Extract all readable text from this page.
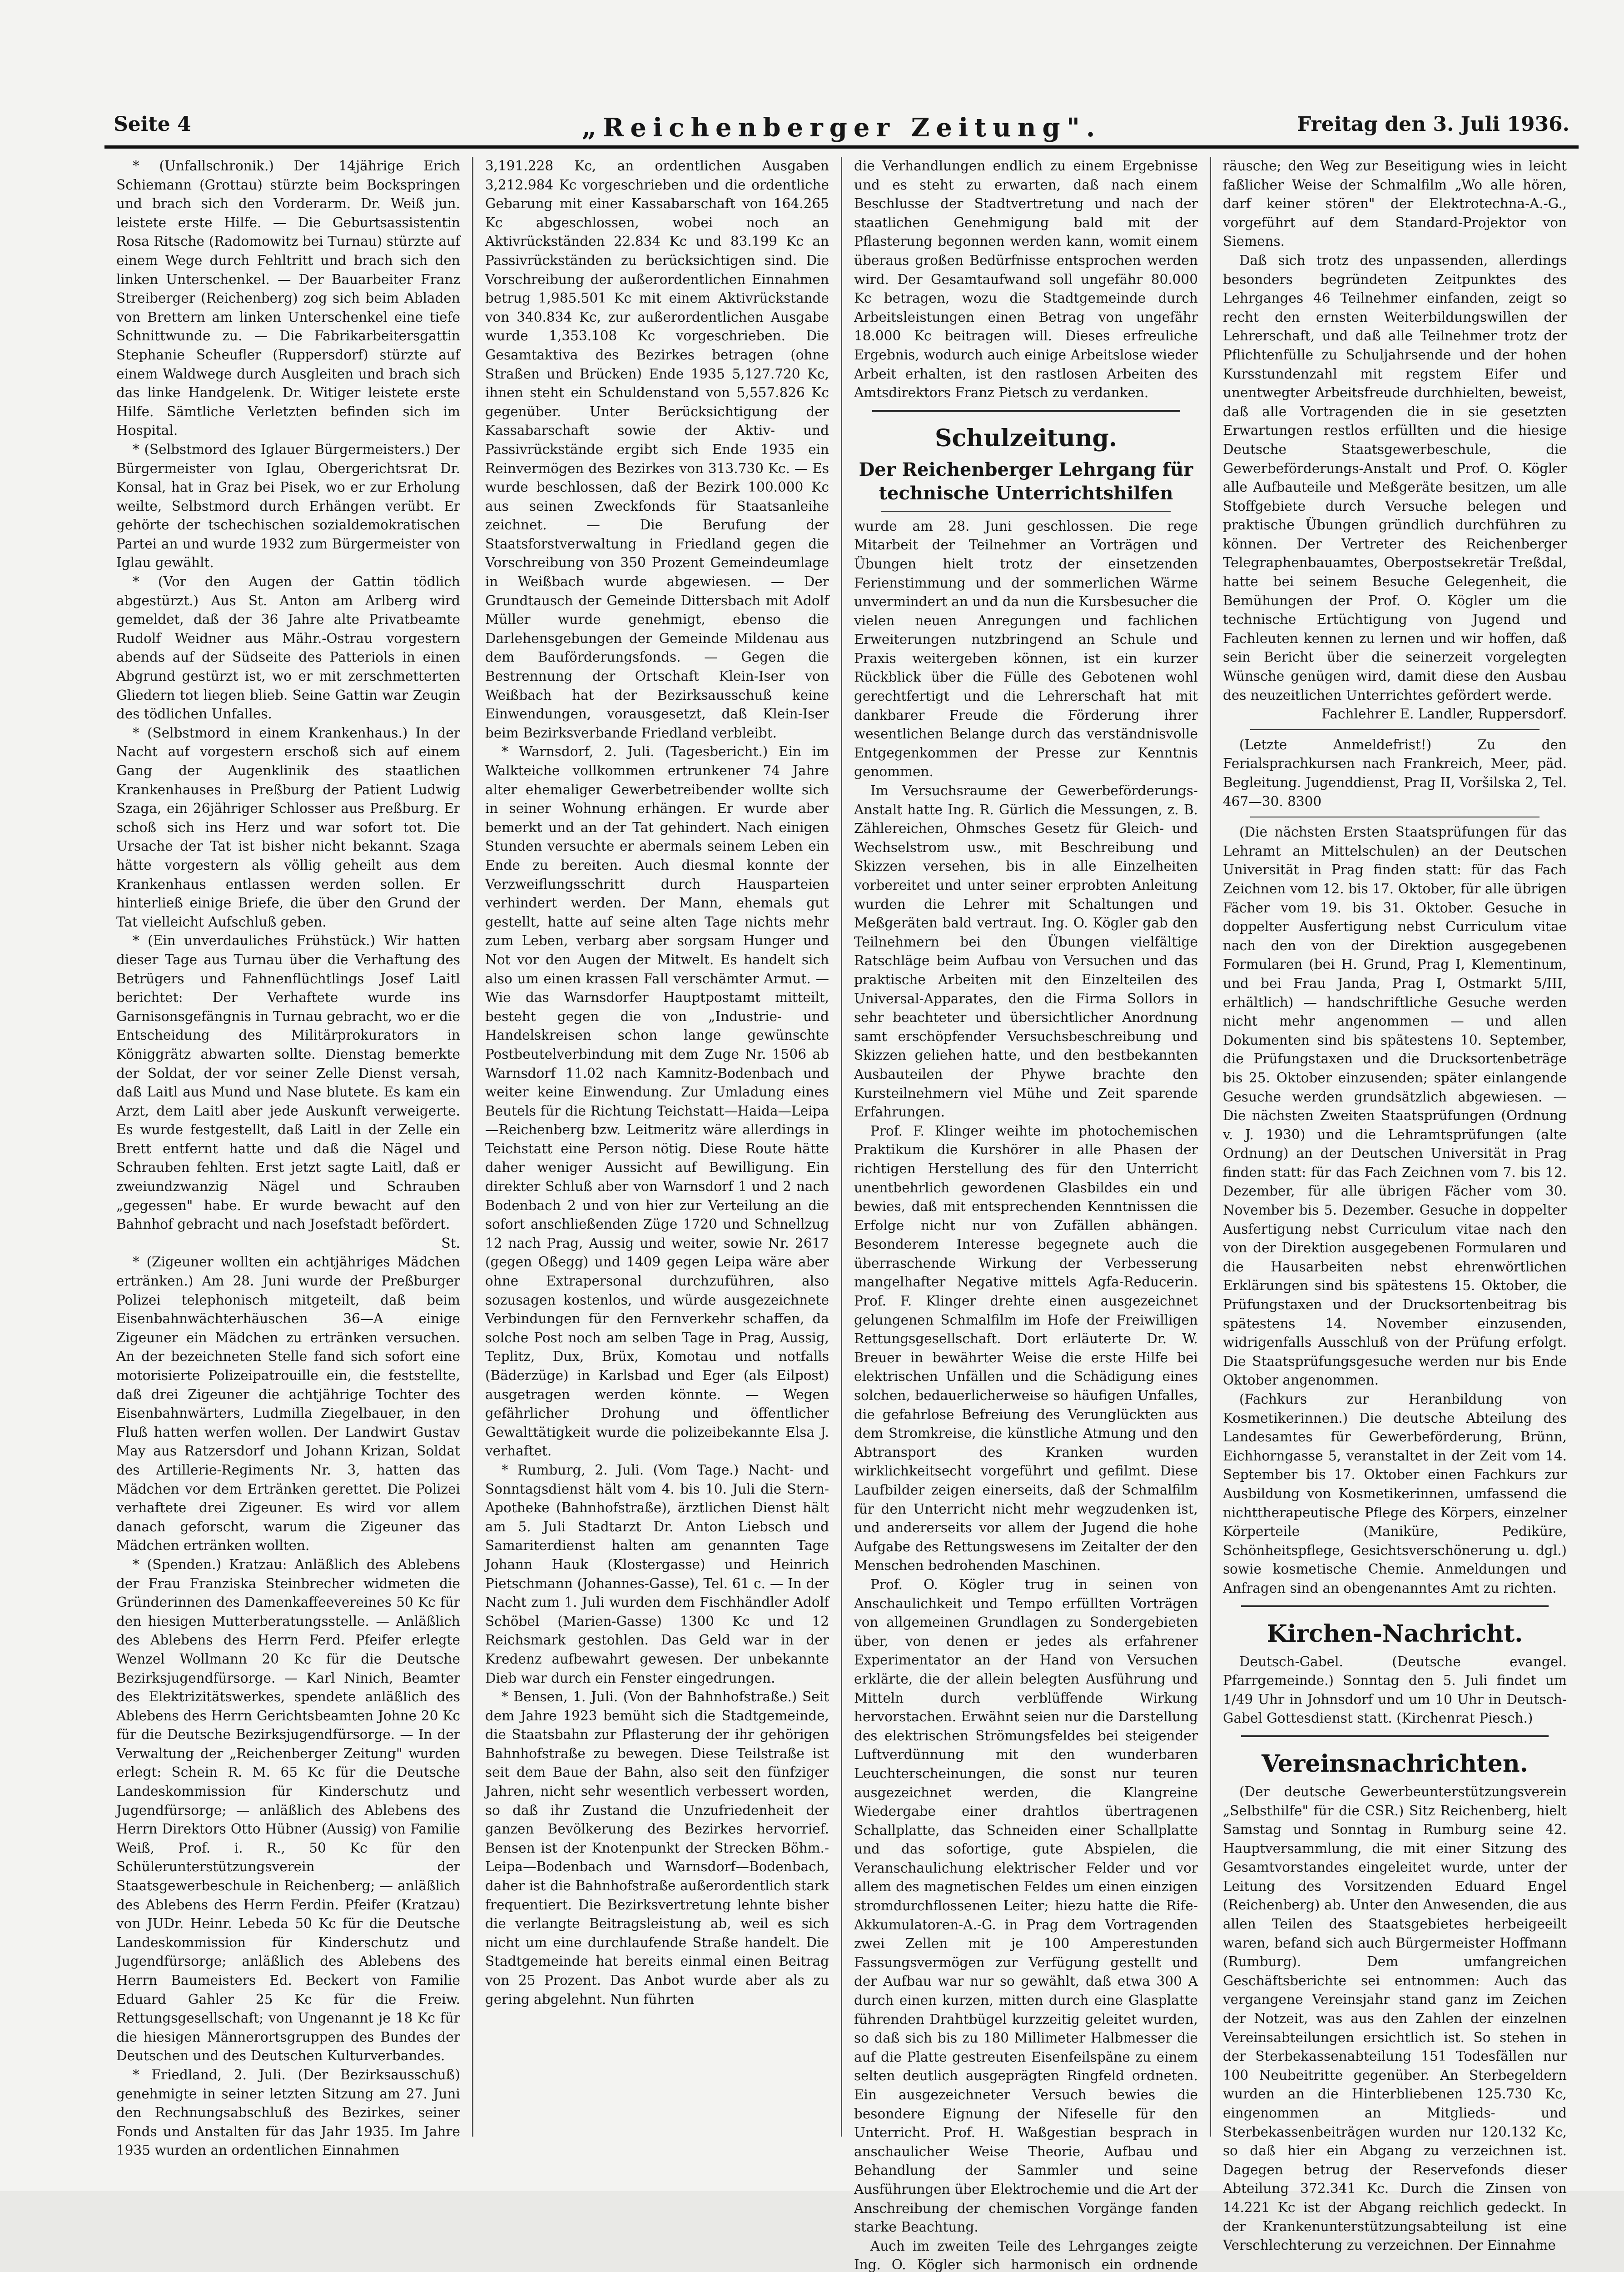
Seite 4	„Reichenberger Zeitung".	Freitag den 3. Juli 1936.

* (Unfallschronik.) Der 14jährige Erich Schiemann (Grottau) stürzte beim Bockspringen und brach sich den Vorderarm. Dr. Weiß jun. leistete erste Hilfe. — Die Geburtsassistentin Rosa Ritsche (Radomowitz bei Turnau) stürzte auf einem Wege durch Fehltritt und brach sich den linken Unterschenkel. — Der Bauarbeiter Franz Streiberger (Reichenberg) zog sich beim Abladen von Brettern am linken Unterschenkel eine tiefe Schnittwunde zu. — Die Fabrikarbeitersgattin Stephanie Scheufler (Ruppersdorf) stürzte auf einem Waldwege durch Ausgleiten und brach sich das linke Handgelenk. Dr. Witiger leistete erste Hilfe. Sämtliche Verletzten befinden sich im Hospital.

* (Selbstmord des Iglauer Bürgermeisters.) Der Bürgermeister von Iglau, Obergerichtsrat Dr. Konsal, hat in Graz bei Pisek, wo er zur Erholung weilte, Selbstmord durch Erhängen verübt. Er gehörte der tschechischen sozialdemokratischen Partei an und wurde 1932 zum Bürgermeister von Iglau gewählt.

* (Vor den Augen der Gattin tödlich abgestürzt.) Aus St. Anton am Arlberg wird gemeldet, daß der 36 Jahre alte Privatbeamte Rudolf Weidner aus Mähr.-Ostrau vorgestern abends auf der Südseite des Patteriols in einen Abgrund gestürzt ist, wo er mit zerschmetterten Gliedern tot liegen blieb. Seine Gattin war Zeugin des tödlichen Unfalles.

* (Selbstmord in einem Krankenhaus.) In der Nacht auf vorgestern erschoß sich auf einem Gang der Augenklinik des staatlichen Krankenhauses in Preßburg der Patient Ludwig Szaga, ein 26jähriger Schlosser aus Preßburg. Er schoß sich ins Herz und war sofort tot. Die Ursache der Tat ist bisher nicht bekannt. Szaga hätte vorgestern als völlig geheilt aus dem Krankenhaus entlassen werden sollen. Er hinterließ einige Briefe, die über den Grund der Tat vielleicht Aufschluß geben.

* (Ein unverdauliches Frühstück.) Wir hatten dieser Tage aus Turnau über die Verhaftung des Betrügers und Fahnenflüchtlings Josef Laitl berichtet: Der Verhaftete wurde ins Garnisonsgefängnis in Turnau gebracht, wo er die Entscheidung des Militärprokurators in Königgrätz abwarten sollte. Dienstag bemerkte der Soldat, der vor seiner Zelle Dienst versah, daß Laitl aus Mund und Nase blutete. Es kam ein Arzt, dem Laitl aber jede Auskunft verweigerte. Es wurde festgestellt, daß Laitl in der Zelle ein Brett entfernt hatte und daß die Nägel und Schrauben fehlten. Erst jetzt sagte Laitl, daß er zweiundzwanzig Nägel und Schrauben „gegessen" habe. Er wurde bewacht auf den Bahnhof gebracht und nach Josefstadt befördert.

St.

* (Zigeuner wollten ein achtjähriges Mädchen ertränken.) Am 28. Juni wurde der Preßburger Polizei telephonisch mitgeteilt, daß beim Eisenbahnwächterhäuschen 36—A einige Zigeuner ein Mädchen zu ertränken versuchen. An der bezeichneten Stelle fand sich sofort eine motorisierte Polizeipatrouille ein, die feststellte, daß drei Zigeuner die achtjährige Tochter des Eisenbahnwärters, Ludmilla Ziegelbauer, in den Fluß hatten werfen wollen. Der Landwirt Gustav May aus Ratzersdorf und Johann Krizan, Soldat des Artillerie-Regiments Nr. 3, hatten das Mädchen vor dem Ertränken gerettet. Die Polizei verhaftete drei Zigeuner. Es wird vor allem danach geforscht, warum die Zigeuner das Mädchen ertränken wollten.

* (Spenden.) Kratzau: Anläßlich des Ablebens der Frau Franziska Steinbrecher widmeten die Gründerinnen des Damenkaffeevereines 50 Kc für den hiesigen Mutterberatungsstelle. — Anläßlich des Ablebens des Herrn Ferd. Pfeifer erlegte Wenzel Wollmann 20 Kc für die Deutsche Bezirksjugendfürsorge. — Karl Ninich, Beamter des Elektrizitätswerkes, spendete anläßlich des Ablebens des Herrn Gerichtsbeamten Johne 20 Kc für die Deutsche Bezirksjugendfürsorge. — In der Verwaltung der „Reichenberger Zeitung" wurden erlegt: Schein R. M. 65 Kc für die Deutsche Landeskommission für Kinderschutz und Jugendfürsorge; — anläßlich des Ablebens des Herrn Direktors Otto Hübner (Aussig) von Familie Weiß, Prof. i. R., 50 Kc für den Schülerunterstützungsverein der Staatsgewerbeschule in Reichenberg; — anläßlich des Ablebens des Herrn Ferdin. Pfeifer (Kratzau) von JUDr. Heinr. Lebeda 50 Kc für die Deutsche Landeskommission für Kinderschutz und Jugendfürsorge; anläßlich des Ablebens des Herrn Baumeisters Ed. Beckert von Familie Eduard Gahler 25 Kc für die Freiw. Rettungsgesellschaft; von Ungenannt je 18 Kc für die hiesigen Männerortsgruppen des Bundes der Deutschen und des Deutschen Kulturverbandes.

* Friedland, 2. Juli. (Der Bezirksausschuß) genehmigte in seiner letzten Sitzung am 27. Juni den Rechnungsabschluß des Bezirkes, seiner Fonds und Anstalten für das Jahr 1935. Im Jahre 1935 wurden an ordentlichen Einnahmen

3,191.228 Kc, an ordentlichen Ausgaben 3,212.984 Kc vorgeschrieben und die ordentliche Gebarung mit einer Kassabarschaft von 164.265 Kc abgeschlossen, wobei noch an Aktivrückständen 22.834 Kc und 83.199 Kc an Passivrückständen zu berücksichtigen sind. Die Vorschreibung der außerordentlichen Einnahmen betrug 1,985.501 Kc mit einem Aktivrückstande von 340.834 Kc, zur außerordentlichen Ausgabe wurde 1,353.108 Kc vorgeschrieben. Die Gesamtaktiva des Bezirkes betragen (ohne Straßen und Brücken) Ende 1935 5,127.720 Kc, ihnen steht ein Schuldenstand von 5,557.826 Kc gegenüber. Unter Berücksichtigung der Kassabarschaft sowie der Aktiv- und Passivrückstände ergibt sich Ende 1935 ein Reinvermögen des Bezirkes von 313.730 Kc. — Es wurde beschlossen, daß der Bezirk 100.000 Kc aus seinen Zweckfonds für Staatsanleihe zeichnet. — Die Berufung der Staatsforstverwaltung in Friedland gegen die Vorschreibung von 350 Prozent Gemeindeumlage in Weißbach wurde abgewiesen. — Der Grundtausch der Gemeinde Dittersbach mit Adolf Müller wurde genehmigt, ebenso die Darlehensgebungen der Gemeinde Mildenau aus dem Bauförderungsfonds. — Gegen die Bestrennung der Ortschaft Klein-Iser von Weißbach hat der Bezirksausschuß keine Einwendungen, vorausgesetzt, daß Klein-Iser beim Bezirksverbande Friedland verbleibt.

* Warnsdorf, 2. Juli. (Tagesbericht.) Ein im Walkteiche vollkommen ertrunkener 74 Jahre alter ehemaliger Gewerbetreibender wollte sich in seiner Wohnung erhängen. Er wurde aber bemerkt und an der Tat gehindert. Nach einigen Stunden versuchte er abermals seinem Leben ein Ende zu bereiten. Auch diesmal konnte der Verzweiflungsschritt durch Hausparteien verhindert werden. Der Mann, ehemals gut gestellt, hatte auf seine alten Tage nichts mehr zum Leben, verbarg aber sorgsam Hunger und Not vor den Augen der Mitwelt. Es handelt sich also um einen krassen Fall verschämter Armut. — Wie das Warnsdorfer Hauptpostamt mitteilt, besteht gegen die von „Industrie- und Handelskreisen schon lange gewünschte Postbeutelverbindung mit dem Zuge Nr. 1506 ab Warnsdorf 11.02 nach Kamnitz-Bodenbach und weiter keine Einwendung. Zur Umladung eines Beutels für die Richtung Teichstatt—Haida—Leipa—Reichenberg bzw. Leitmeritz wäre allerdings in Teichstatt eine Person nötig. Diese Route hätte daher weniger Aussicht auf Bewilligung. Ein direkter Schluß aber von Warnsdorf 1 und 2 nach Bodenbach 2 und von hier zur Verteilung an die sofort anschließenden Züge 1720 und Schnellzug 12 nach Prag, Aussig und weiter, sowie Nr. 2617 (gegen Oßegg) und 1409 gegen Leipa wäre aber ohne Extrapersonal durchzuführen, also sozusagen kostenlos, und würde ausgezeichnete Verbindungen für den Fernverkehr schaffen, da solche Post noch am selben Tage in Prag, Aussig, Teplitz, Dux, Brüx, Komotau und notfalls (Bäderzüge) in Karlsbad und Eger (als Eilpost) ausgetragen werden könnte. — Wegen gefährlicher Drohung und öffentlicher Gewalttätigkeit wurde die polizeibekannte Elsa J. verhaftet.

* Rumburg, 2. Juli. (Vom Tage.) Nacht- und Sonntagsdienst hält vom 4. bis 10. Juli die Stern-Apotheke (Bahnhofstraße), ärztlichen Dienst hält am 5. Juli Stadtarzt Dr. Anton Liebsch und Samariterdienst halten am genannten Tage Johann Hauk (Klostergasse) und Heinrich Pietschmann (Johannes-Gasse), Tel. 61 c. — In der Nacht zum 1. Juli wurden dem Fischhändler Adolf Schöbel (Marien-Gasse) 1300 Kc und 12 Reichsmark gestohlen. Das Geld war in der Kredenz aufbewahrt gewesen. Der unbekannte Dieb war durch ein Fenster eingedrungen.

* Bensen, 1. Juli. (Von der Bahnhofstraße.) Seit dem Jahre 1923 bemüht sich die Stadtgemeinde, die Staatsbahn zur Pflasterung der ihr gehörigen Bahnhofstraße zu bewegen. Diese Teilstraße ist seit dem Baue der Bahn, also seit den fünfziger Jahren, nicht sehr wesentlich verbessert worden, so daß ihr Zustand die Unzufriedenheit der ganzen Bevölkerung des Bezirkes hervorrief. Bensen ist der Knotenpunkt der Strecken Böhm.-Leipa—Bodenbach und Warnsdorf—Bodenbach, daher ist die Bahnhofstraße außerordentlich stark frequentiert. Die Bezirksvertretung lehnte bisher die verlangte Beitragsleistung ab, weil es sich nicht um eine durchlaufende Straße handelt. Die Stadtgemeinde hat bereits einmal einen Beitrag von 25 Prozent. Das Anbot wurde aber als zu gering abgelehnt. Nun führten

die Verhandlungen endlich zu einem Ergebnisse und es steht zu erwarten, daß nach einem Beschlusse der Stadtvertretung und nach der staatlichen Genehmigung bald mit der Pflasterung begonnen werden kann, womit einem überaus großen Bedürfnisse entsprochen werden wird. Der Gesamtaufwand soll ungefähr 80.000 Kc betragen, wozu die Stadtgemeinde durch Arbeitsleistungen einen Betrag von ungefähr 18.000 Kc beitragen will. Dieses erfreuliche Ergebnis, wodurch auch einige Arbeitslose wieder Arbeit erhalten, ist den rastlosen Arbeiten des Amtsdirektors Franz Pietsch zu verdanken.

Schulzeitung.
Der Reichenberger Lehrgang für technische Unterrichtshilfen

wurde am 28. Juni geschlossen. Die rege Mitarbeit der Teilnehmer an Vorträgen und Übungen hielt trotz der einsetzenden Ferienstimmung und der sommerlichen Wärme unvermindert an und da nun die Kursbesucher die vielen neuen Anregungen und fachlichen Erweiterungen nutzbringend an Schule und Praxis weitergeben können, ist ein kurzer Rückblick über die Fülle des Gebotenen wohl gerechtfertigt und die Lehrerschaft hat mit dankbarer Freude die Förderung ihrer wesentlichen Belange durch das verständnisvolle Entgegenkommen der Presse zur Kenntnis genommen.

Im Versuchsraume der Gewerbeförderungs-Anstalt hatte Ing. R. Gürlich die Messungen, z. B. Zählereichen, Ohmsches Gesetz für Gleich- und Wechselstrom usw., mit Beschreibung und Skizzen versehen, bis in alle Einzelheiten vorbereitet und unter seiner erprobten Anleitung wurden die Lehrer mit Schaltungen und Meßgeräten bald vertraut. Ing. O. Kögler gab den Teilnehmern bei den Übungen vielfältige Ratschläge beim Aufbau von Versuchen und das praktische Arbeiten mit den Einzelteilen des Universal-Apparates, den die Firma Sollors in sehr beachteter und übersichtlicher Anordnung samt erschöpfender Versuchsbeschreibung und Skizzen geliehen hatte, und den bestbekannten Ausbauteilen der Phywe brachte den Kursteilnehmern viel Mühe und Zeit sparende Erfahrungen.

Prof. F. Klinger weihte im photochemischen Praktikum die Kurshörer in alle Phasen der richtigen Herstellung des für den Unterricht unentbehrlich gewordenen Glasbildes ein und bewies, daß mit entsprechenden Kenntnissen die Erfolge nicht nur von Zufällen abhängen. Besonderem Interesse begegnete auch die überraschende Wirkung der Verbesserung mangelhafter Negative mittels Agfa-Reducerin. Prof. F. Klinger drehte einen ausgezeichnet gelungenen Schmalfilm im Hofe der Freiwilligen Rettungsgesellschaft. Dort erläuterte Dr. W. Breuer in bewährter Weise die erste Hilfe bei elektrischen Unfällen und die Schädigung eines solchen, bedauerlicherweise so häufigen Unfalles, die gefahrlose Befreiung des Verunglückten aus dem Stromkreise, die künstliche Atmung und den Abtransport des Kranken wurden wirklichkeitsecht vorgeführt und gefilmt. Diese Laufbilder zeigen einerseits, daß der Schmalfilm für den Unterricht nicht mehr wegzudenken ist, und andererseits vor allem der Jugend die hohe Aufgabe des Rettungswesens im Zeitalter der den Menschen bedrohenden Maschinen.

Prof. O. Kögler trug in seinen von Anschaulichkeit und Tempo erfüllten Vorträgen von allgemeinen Grundlagen zu Sondergebieten über, von denen er jedes als erfahrener Experimentator an der Hand von Versuchen erklärte, die der allein belegten Ausführung und Mitteln durch verblüffende Wirkung hervorstachen. Erwähnt seien nur die Darstellung des elektrischen Strömungsfeldes bei steigender Luftverdünnung mit den wunderbaren Leuchterscheinungen, die sonst nur teuren ausgezeichnet werden, die Klangreine Wiedergabe einer drahtlos übertragenen Schallplatte, das Schneiden einer Schallplatte und das sofortige, gute Abspielen, die Veranschaulichung elektrischer Felder und vor allem des magnetischen Feldes um einen einzigen stromdurchflossenen Leiter; hiezu hatte die Rife-Akkumulatoren-A.-G. in Prag dem Vortragenden zwei Zellen mit je 100 Amperestunden Fassungsvermögen zur Verfügung gestellt und der Aufbau war nur so gewählt, daß etwa 300 A durch einen kurzen, mitten durch eine Glasplatte führenden Drahtbügel kurzzeitig geleitet wurden, so daß sich bis zu 180 Millimeter Halbmesser die auf die Platte gestreuten Eisenfeilspäne zu einem selten deutlich ausgeprägten Ringfeld ordneten. Ein ausgezeichneter Versuch bewies die besondere Eignung der Nifeselle für den Unterricht. Prof. H. Waßgestian besprach in anschaulicher Weise Theorie, Aufbau und Behandlung der Sammler und seine Ausführungen über Elektrochemie und die Art der Anschreibung der chemischen Vorgänge fanden starke Beachtung.

Auch im zweiten Teile des Lehrganges zeigte Ing. O. Kögler sich harmonisch ein ordnende

räusche; den Weg zur Beseitigung wies in leicht faßlicher Weise der Schmalfilm „Wo alle hören, darf keiner stören" der Elektrotechna-A.-G., vorgeführt auf dem Standard-Projektor von Siemens.

Daß sich trotz des unpassenden, allerdings besonders begründeten Zeitpunktes des Lehrganges 46 Teilnehmer einfanden, zeigt so recht den ernsten Weiterbildungswillen der Lehrerschaft, und daß alle Teilnehmer trotz der Pflichtenfülle zu Schuljahrsende und der hohen Kursstundenzahl mit regstem Eifer und unentwegter Arbeitsfreude durchhielten, beweist, daß alle Vortragenden die in sie gesetzten Erwartungen restlos erfüllten und die hiesige Deutsche Staatsgewerbeschule, die Gewerbeförderungs-Anstalt und Prof. O. Kögler alle Aufbauteile und Meßgeräte besitzen, um alle Stoffgebiete durch Versuche belegen und praktische Übungen gründlich durchführen zu können. Der Vertreter des Reichenberger Telegraphenbauamtes, Oberpostsekretär Treßdal, hatte bei seinem Besuche Gelegenheit, die Bemühungen der Prof. O. Kögler um die technische Ertüchtigung von Jugend und Fachleuten kennen zu lernen und wir hoffen, daß sein Bericht über die seinerzeit vorgelegten Wünsche genügen wird, damit diese den Ausbau des neuzeitlichen Unterrichtes gefördert werde.

Fachlehrer E. Landler, Ruppersdorf.

(Letzte Anmeldefrist!) Zu den Ferialsprachkursen nach Frankreich, Meer, päd. Begleitung. Jugenddienst, Prag II, Voršilska 2, Tel. 467—30. 8300

(Die nächsten Ersten Staatsprüfungen für das Lehramt an Mittelschulen) an der Deutschen Universität in Prag finden statt: für das Fach Zeichnen vom 12. bis 17. Oktober, für alle übrigen Fächer vom 19. bis 31. Oktober. Gesuche in doppelter Ausfertigung nebst Curriculum vitae nach den von der Direktion ausgegebenen Formularen (bei H. Grund, Prag I, Klementinum, und bei Frau Janda, Prag I, Ostmarkt 5/III, erhältlich) — handschriftliche Gesuche werden nicht mehr angenommen — und allen Dokumenten sind bis spätestens 10. September, die Prüfungstaxen und die Drucksortenbeträge bis 25. Oktober einzusenden; später einlangende Gesuche werden grundsätzlich abgewiesen. — Die nächsten Zweiten Staatsprüfungen (Ordnung v. J. 1930) und die Lehramtsprüfungen (alte Ordnung) an der Deutschen Universität in Prag finden statt: für das Fach Zeichnen vom 7. bis 12. Dezember, für alle übrigen Fächer vom 30. November bis 5. Dezember. Gesuche in doppelter Ausfertigung nebst Curriculum vitae nach den von der Direktion ausgegebenen Formularen und die Hausarbeiten nebst ehrenwörtlichen Erklärungen sind bis spätestens 15. Oktober, die Prüfungstaxen und der Drucksortenbeitrag bis spätestens 14. November einzusenden, widrigenfalls Ausschluß von der Prüfung erfolgt. Die Staatsprüfungsgesuche werden nur bis Ende Oktober angenommen.

(Fachkurs zur Heranbildung von Kosmetikerinnen.) Die deutsche Abteilung des Landesamtes für Gewerbeförderung, Brünn, Eichhorngasse 5, veranstaltet in der Zeit vom 14. September bis 17. Oktober einen Fachkurs zur Ausbildung von Kosmetikerinnen, umfassend die nichttherapeutische Pflege des Körpers, einzelner Körperteile (Maniküre, Pediküre, Schönheitspflege, Gesichtsverschönerung u. dgl.) sowie kosmetische Chemie. Anmeldungen und Anfragen sind an obengenanntes Amt zu richten.

Kirchen-Nachricht.

Deutsch-Gabel. (Deutsche evangel. Pfarrgemeinde.) Sonntag den 5. Juli findet um 1/49 Uhr in Johnsdorf und um 10 Uhr in Deutsch-Gabel Gottesdienst statt. (Kirchenrat Piesch.)

Vereinsnachrichten.

(Der deutsche Gewerbeunterstützungsverein „Selbsthilfe" für die CSR.) Sitz Reichenberg, hielt Samstag und Sonntag in Rumburg seine 42. Hauptversammlung, die mit einer Sitzung des Gesamtvorstandes eingeleitet wurde, unter der Leitung des Vorsitzenden Eduard Engel (Reichenberg) ab. Unter den Anwesenden, die aus allen Teilen des Staatsgebietes herbeigeeilt waren, befand sich auch Bürgermeister Hoffmann (Rumburg). Dem umfangreichen Geschäftsberichte sei entnommen: Auch das vergangene Vereinsjahr stand ganz im Zeichen der Notzeit, was aus den Zahlen der einzelnen Vereinsabteilungen ersichtlich ist. So stehen in der Sterbekassenabteilung 151 Todesfällen nur 100 Neubeitritte gegenüber. An Sterbegeldern wurden an die Hinterbliebenen 125.730 Kc, eingenommen an Mitglieds- und Sterbekassenbeiträgen wurden nur 120.132 Kc, so daß hier ein Abgang zu verzeichnen ist. Dagegen betrug der Reservefonds dieser Abteilung 372.341 Kc. Durch die Zinsen von 14.221 Kc ist der Abgang reichlich gedeckt. In der Krankenunterstützungsabteilung ist eine Verschlechterung zu verzeichnen. Der Einnahme
